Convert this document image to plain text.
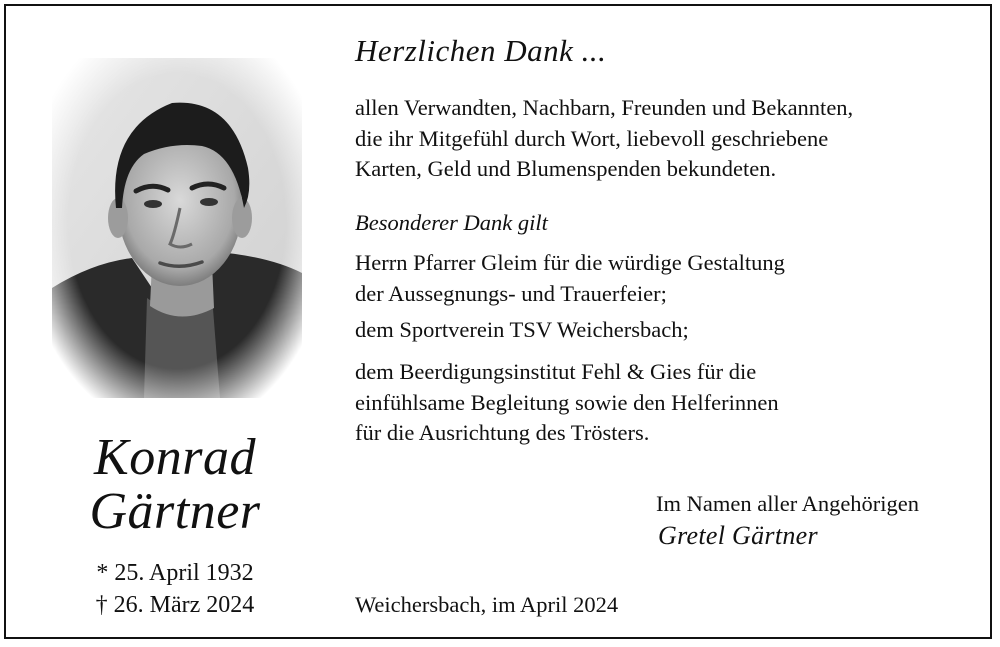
Konrad
Gärtner
* 25. April 1932
† 26. März 2024
Herzlichen Dank ...
allen Verwandten, Nachbarn, Freunden und Bekannten,
die ihr Mitgefühl durch Wort, liebevoll geschriebene
Karten, Geld und Blumenspenden bekundeten.
Besonderer Dank gilt
Herrn Pfarrer Gleim für die würdige Gestaltung
der Aussegnungs- und Trauerfeier;
dem Sportverein TSV Weichersbach;
dem Beerdigungsinstitut Fehl & Gies für die
einfühlsame Begleitung sowie den Helferinnen
für die Ausrichtung des Trösters.
Im Namen aller Angehörigen
Gretel Gärtner
Weichersbach, im April 2024
